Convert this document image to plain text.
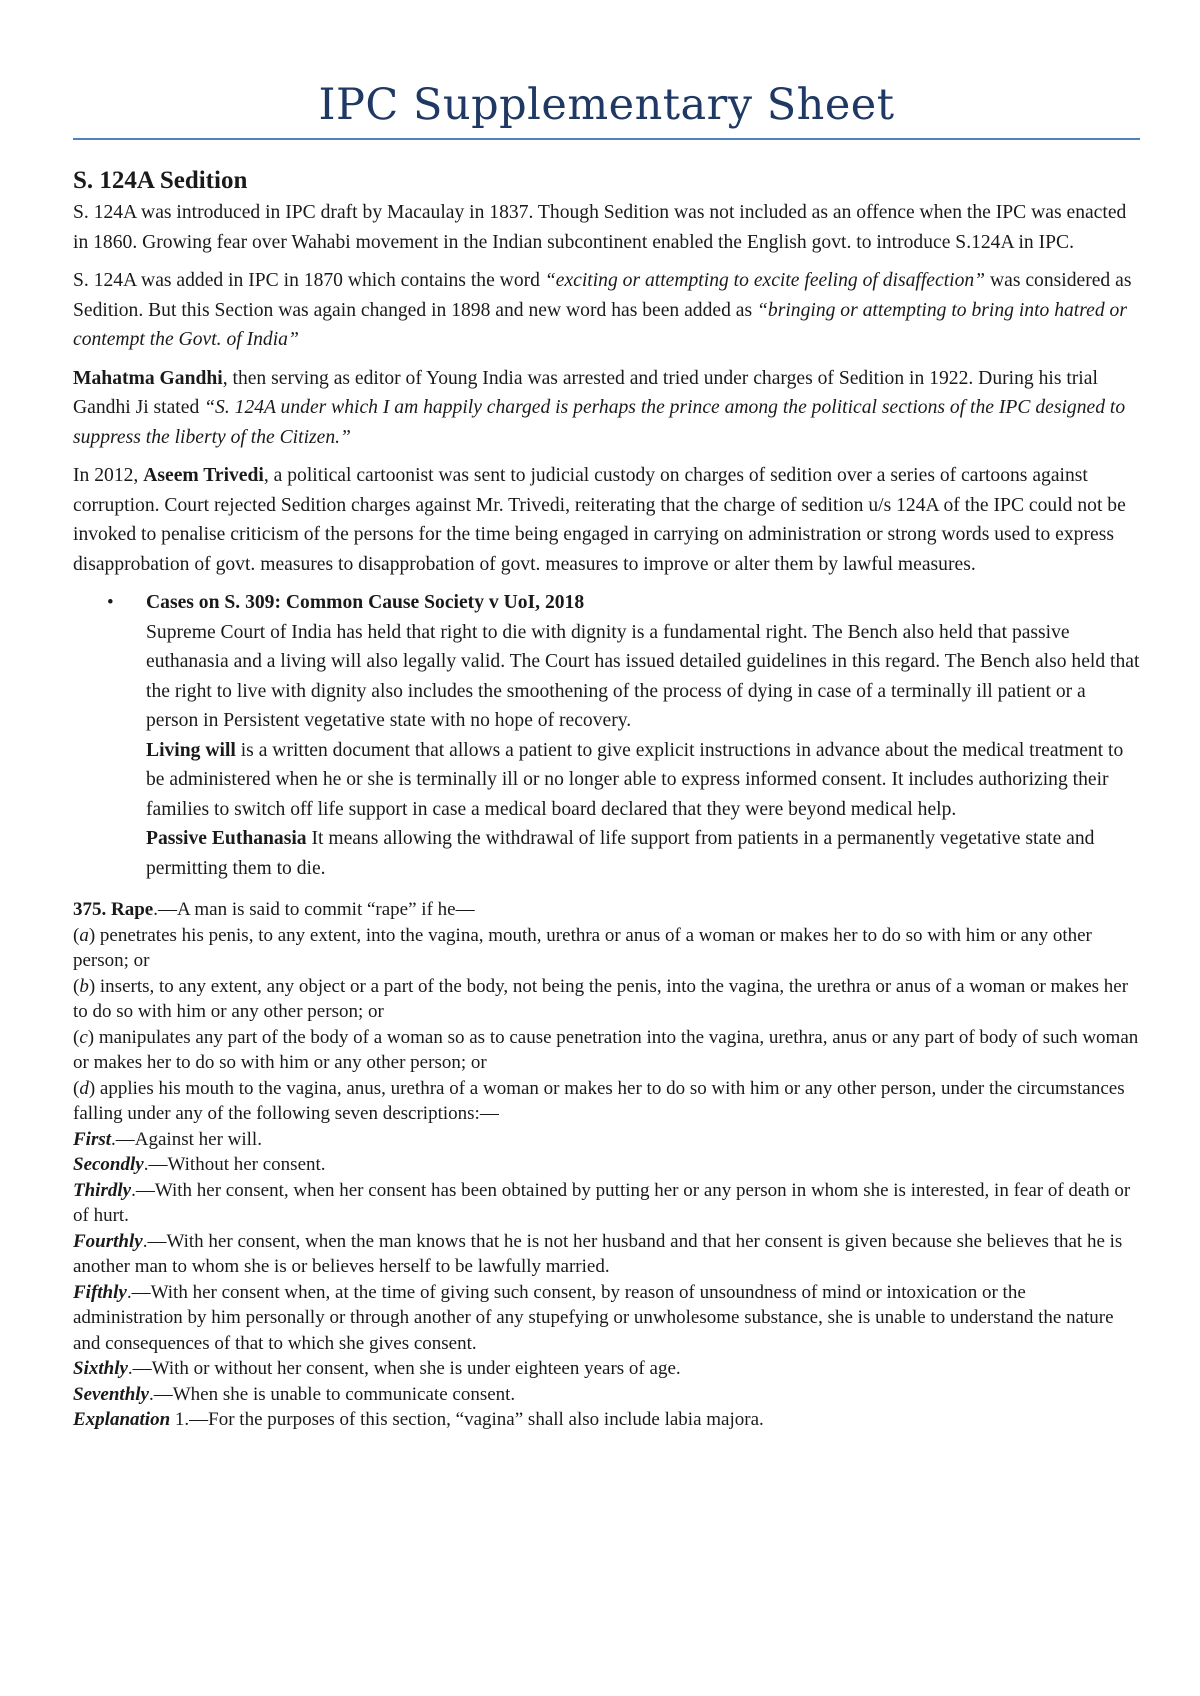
IPC Supplementary Sheet
S. 124A Sedition

S. 124A was introduced in IPC draft by Macaulay in 1837. Though Sedition was not included as an offence when the IPC was enacted in 1860. Growing fear over Wahabi movement in the Indian subcontinent enabled the English govt. to introduce S.124A in IPC.

S. 124A was added in IPC in 1870 which contains the word “exciting or attempting to excite feeling of disaffection” was considered as Sedition. But this Section was again changed in 1898 and new word has been added as “bringing or attempting to bring into hatred or contempt the Govt. of India”

Mahatma Gandhi, then serving as editor of Young India was arrested and tried under charges of Sedition in 1922. During his trial Gandhi Ji stated “S. 124A under which I am happily charged is perhaps the prince among the political sections of the IPC designed to suppress the liberty of the Citizen.”

In 2012, Aseem Trivedi, a political cartoonist was sent to judicial custody on charges of sedition over a series of cartoons against corruption. Court rejected Sedition charges against Mr. Trivedi, reiterating that the charge of sedition u/s 124A of the IPC could not be invoked to penalise criticism of the persons for the time being engaged in carrying on administration or strong words used to express disapprobation of govt. measures to disapprobation of govt. measures to improve or alter them by lawful measures.

• Cases on S. 309: Common Cause Society v UoI, 2018

Supreme Court of India has held that right to die with dignity is a fundamental right. The Bench also held that passive euthanasia and a living will also legally valid. The Court has issued detailed guidelines in this regard. The Bench also held that the right to live with dignity also includes the smoothening of the process of dying in case of a terminally ill patient or a person in Persistent vegetative state with no hope of recovery.

Living will is a written document that allows a patient to give explicit instructions in advance about the medical treatment to be administered when he or she is terminally ill or no longer able to express informed consent. It includes authorizing their families to switch off life support in case a medical board declared that they were beyond medical help.

Passive Euthanasia It means allowing the withdrawal of life support from patients in a permanently vegetative state and permitting them to die.

375. Rape.—A man is said to commit “rape” if he—

(a) penetrates his penis, to any extent, into the vagina, mouth, urethra or anus of a woman or makes her to do so with him or any other person; or

(b) inserts, to any extent, any object or a part of the body, not being the penis, into the vagina, the urethra or anus of a woman or makes her to do so with him or any other person; or

(c) manipulates any part of the body of a woman so as to cause penetration into the vagina, urethra, anus or any part of body of such woman or makes her to do so with him or any other person; or

(d) applies his mouth to the vagina, anus, urethra of a woman or makes her to do so with him or any other person, under the circumstances falling under any of the following seven descriptions:—

First.—Against her will.

Secondly.—Without her consent.

Thirdly.—With her consent, when her consent has been obtained by putting her or any person in whom she is interested, in fear of death or of hurt.

Fourthly.—With her consent, when the man knows that he is not her husband and that her consent is given because she believes that he is another man to whom she is or believes herself to be lawfully married.

Fifthly.—With her consent when, at the time of giving such consent, by reason of unsoundness of mind or intoxication or the administration by him personally or through another of any stupefying or unwholesome substance, she is unable to understand the nature and consequences of that to which she gives consent.

Sixthly.—With or without her consent, when she is under eighteen years of age.

Seventhly.—When she is unable to communicate consent.

Explanation 1.—For the purposes of this section, “vagina” shall also include labia majora.
